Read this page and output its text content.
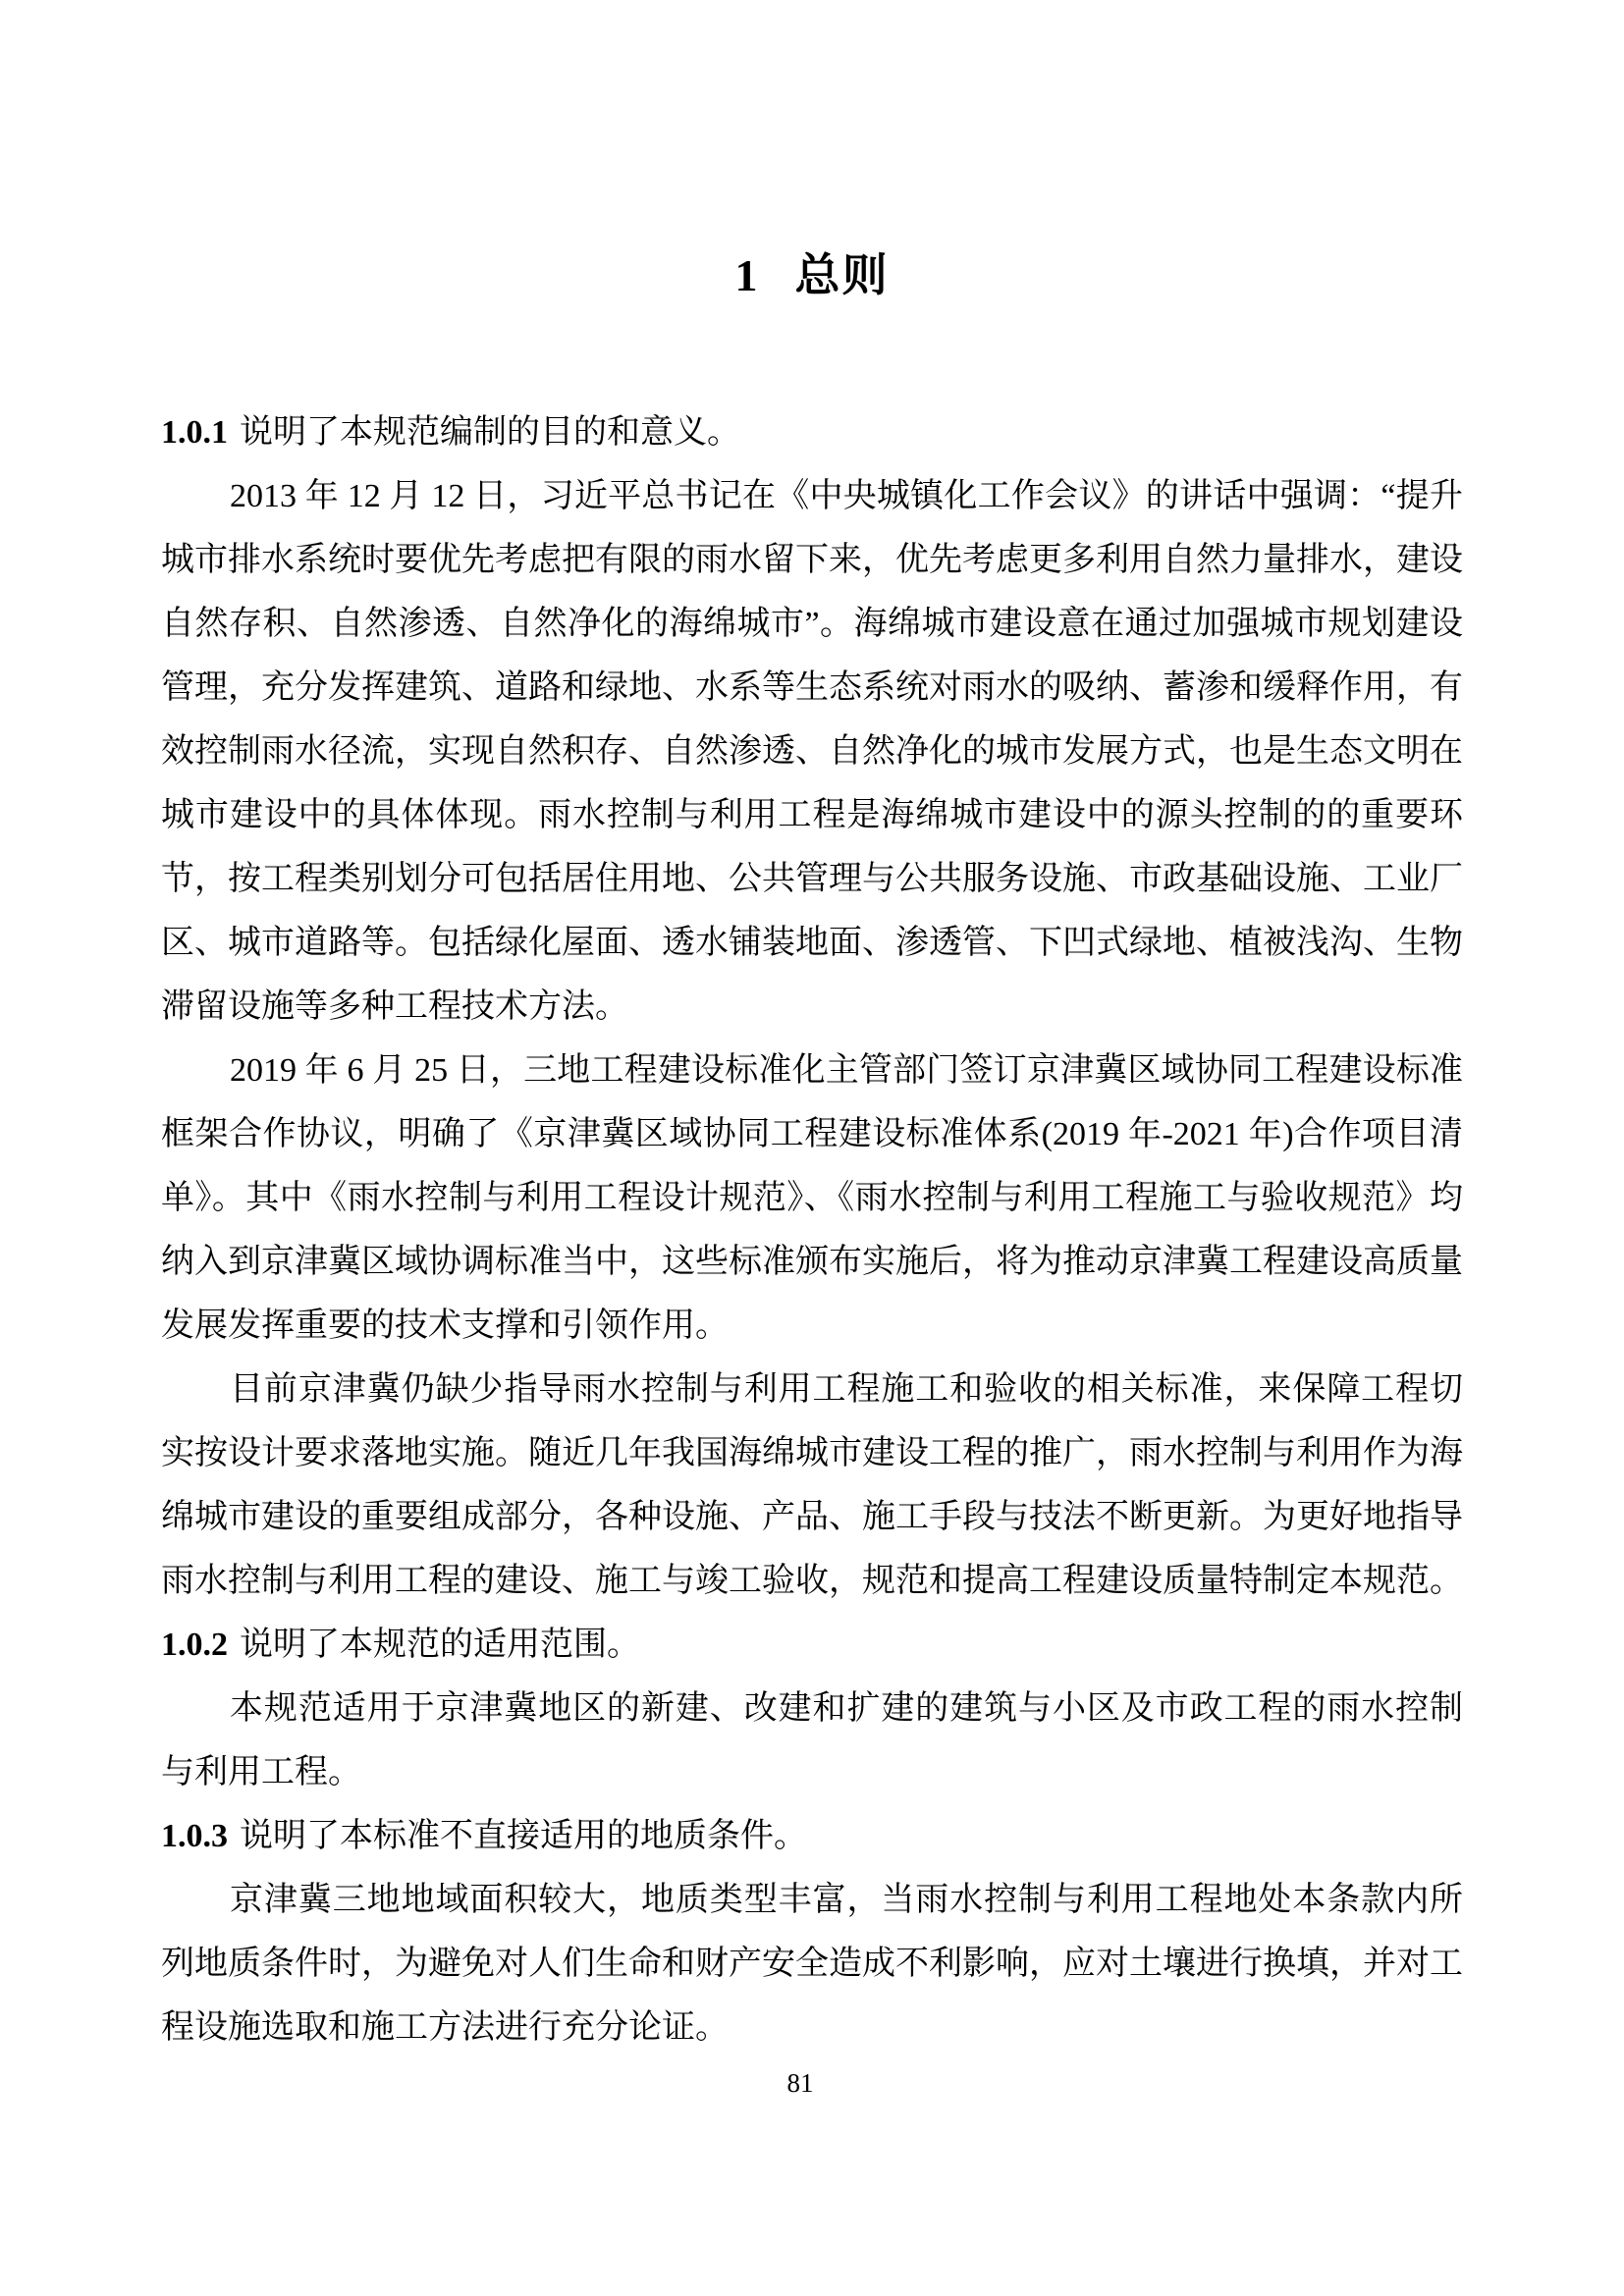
1 总则

1.0.1 说明了本规范编制的目的和意义。

2013 年 12 月 12 日，习近平总书记在《中央城镇化工作会议》的讲话中强调：“提升城市排水系统时要优先考虑把有限的雨水留下来，优先考虑更多利用自然力量排水，建设自然存积、自然渗透、自然净化的海绵城市”。海绵城市建设意在通过加强城市规划建设管理，充分发挥建筑、道路和绿地、水系等生态系统对雨水的吸纳、蓄渗和缓释作用，有效控制雨水径流，实现自然积存、自然渗透、自然净化的城市发展方式，也是生态文明在城市建设中的具体体现。雨水控制与利用工程是海绵城市建设中的源头控制的的重要环节，按工程类别划分可包括居住用地、公共管理与公共服务设施、市政基础设施、工业厂区、城市道路等。包括绿化屋面、透水铺装地面、渗透管、下凹式绿地、植被浅沟、生物滞留设施等多种工程技术方法。

2019 年 6 月 25 日，三地工程建设标准化主管部门签订京津冀区域协同工程建设标准框架合作协议，明确了《京津冀区域协同工程建设标准体系(2019 年-2021 年)合作项目清单》。其中《雨水控制与利用工程设计规范》、《雨水控制与利用工程施工与验收规范》均纳入到京津冀区域协调标准当中，这些标准颁布实施后，将为推动京津冀工程建设高质量发展发挥重要的技术支撑和引领作用。

目前京津冀仍缺少指导雨水控制与利用工程施工和验收的相关标准，来保障工程切实按设计要求落地实施。随近几年我国海绵城市建设工程的推广，雨水控制与利用作为海绵城市建设的重要组成部分，各种设施、产品、施工手段与技法不断更新。为更好地指导雨水控制与利用工程的建设、施工与竣工验收，规范和提高工程建设质量特制定本规范。

1.0.2 说明了本规范的适用范围。

本规范适用于京津冀地区的新建、改建和扩建的建筑与小区及市政工程的雨水控制与利用工程。

1.0.3 说明了本标准不直接适用的地质条件。

京津冀三地地域面积较大，地质类型丰富，当雨水控制与利用工程地处本条款内所列地质条件时，为避免对人们生命和财产安全造成不利影响，应对土壤进行换填，并对工程设施选取和施工方法进行充分论证。

81
